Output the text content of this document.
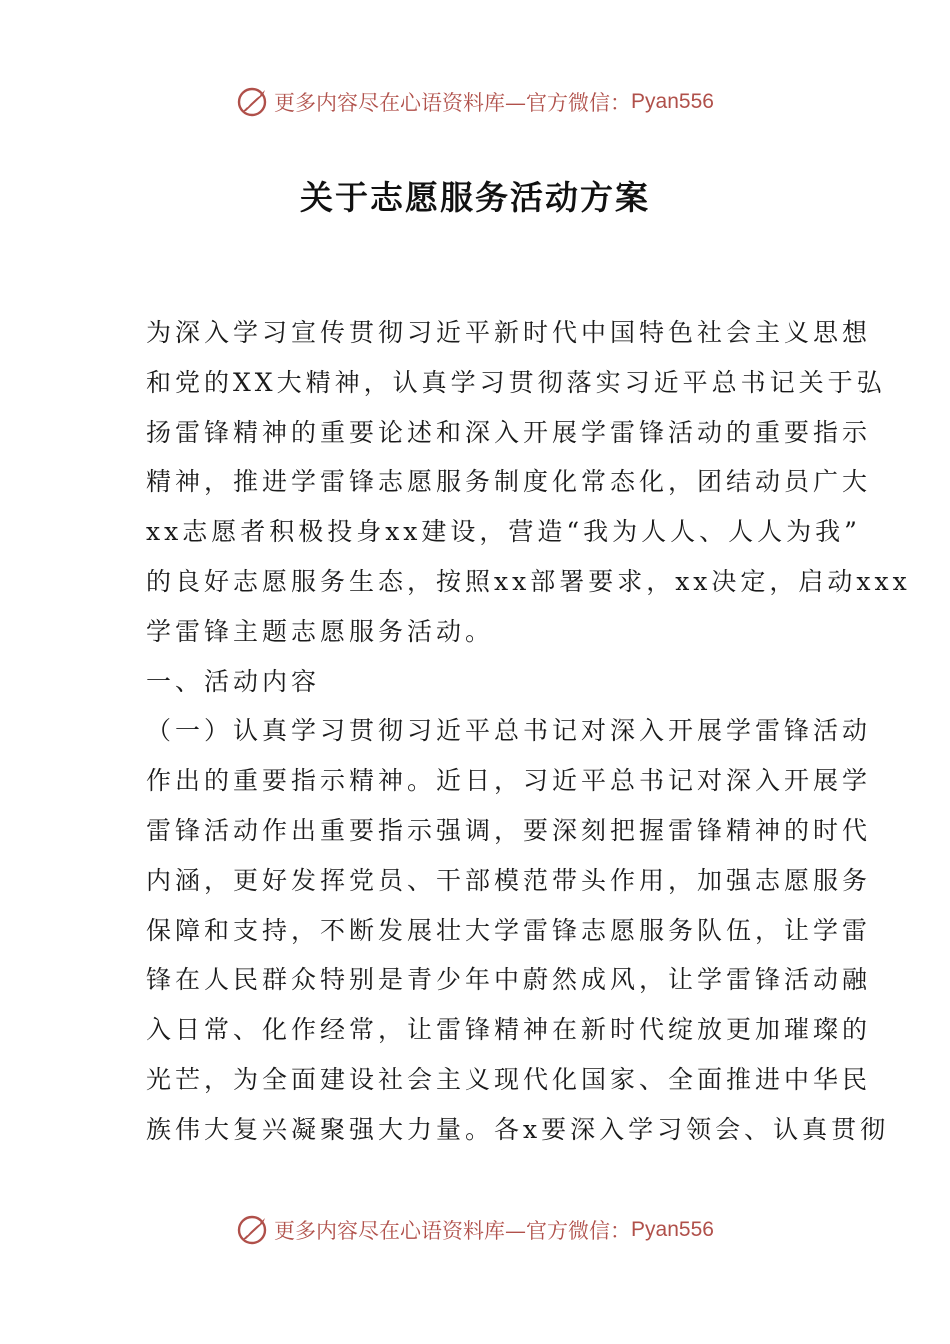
更多内容尽在心语资料库—官方微信： Pyan556
关于志愿服务活动方案
为深入学习宣传贯彻习近平新时代中国特色社会主义思想
和党的XX大精神，认真学习贯彻落实习近平总书记关于弘
扬雷锋精神的重要论述和深入开展学雷锋活动的重要指示
精神，推进学雷锋志愿服务制度化常态化，团结动员广大
xx志愿者积极投身xx建设，营造“我为人人、人人为我”
的良好志愿服务生态，按照xx部署要求，xx决定，启动xxx
学雷锋主题志愿服务活动。
一、活动内容
（一）认真学习贯彻习近平总书记对深入开展学雷锋活动
作出的重要指示精神。近日，习近平总书记对深入开展学
雷锋活动作出重要指示强调，要深刻把握雷锋精神的时代
内涵，更好发挥党员、干部模范带头作用，加强志愿服务
保障和支持，不断发展壮大学雷锋志愿服务队伍，让学雷
锋在人民群众特别是青少年中蔚然成风，让学雷锋活动融
入日常、化作经常，让雷锋精神在新时代绽放更加璀璨的
光芒，为全面建设社会主义现代化国家、全面推进中华民
族伟大复兴凝聚强大力量。各x要深入学习领会、认真贯彻
更多内容尽在心语资料库—官方微信： Pyan556
